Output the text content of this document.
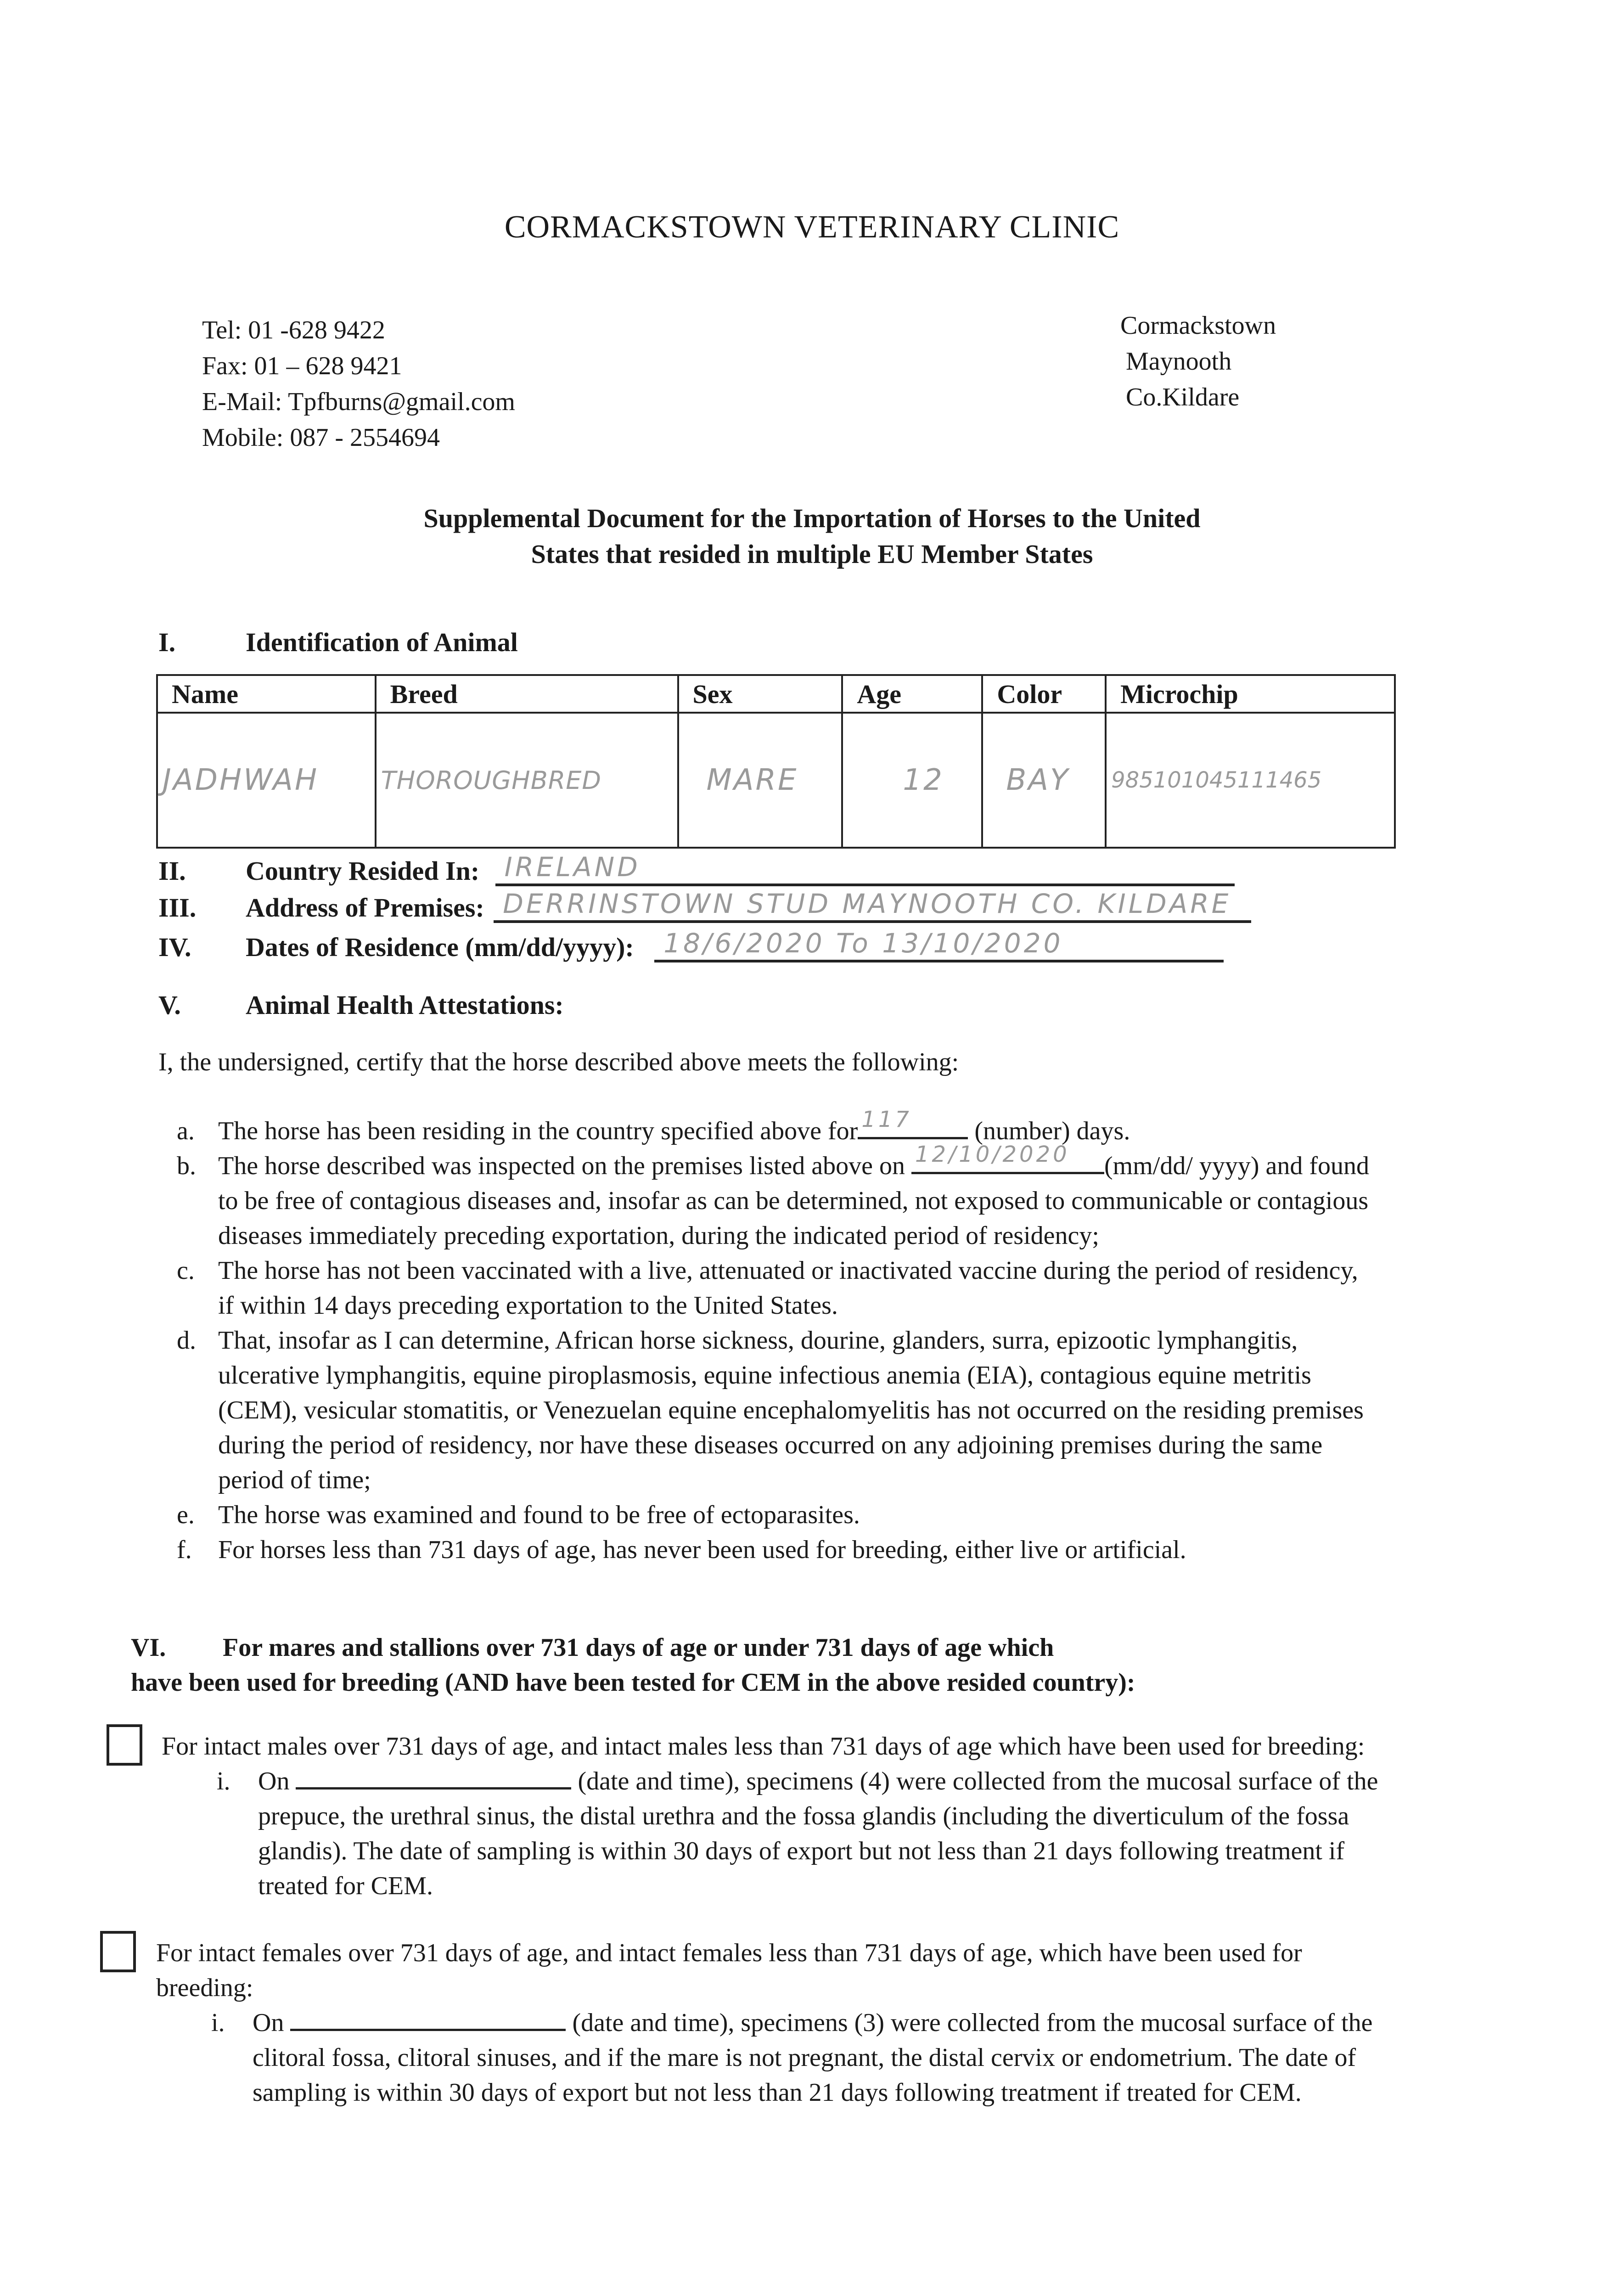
CORMACKSTOWN VETERINARY CLINIC
Tel: 01 -628 9422
Fax: 01 – 628 9421
E-Mail: Tpfburns@gmail.com
Mobile: 087 - 2554694
Cormackstown
Maynooth
Co.Kildare
Supplemental Document for the Importation of Horses to the United
States that resided in multiple EU Member States
I.	Identification of Animal
Name	Breed	Sex	Age	Color	Microchip
JADHWAH	THOROUGHBRED	MARE	12	BAY	985101045111465
II. Country Resided In: IRELAND
III. Address of Premises: DERRINSTOWN STUD MAYNOOTH CO. KILDARE
IV. Dates of Residence (mm/dd/yyyy): 18/6/2020 To 13/10/2020
V. Animal Health Attestations:
I, the undersigned, certify that the horse described above meets the following:
a. The horse has been residing in the country specified above for 117 (number) days.
b. The horse described was inspected on the premises listed above on 12/10/2020 (mm/dd/ yyyy) and found to be free of contagious diseases and, insofar as can be determined, not exposed to communicable or contagious diseases immediately preceding exportation, during the indicated period of residency;
c. The horse has not been vaccinated with a live, attenuated or inactivated vaccine during the period of residency, if within 14 days preceding exportation to the United States.
d. That, insofar as I can determine, African horse sickness, dourine, glanders, surra, epizootic lymphangitis, ulcerative lymphangitis, equine piroplasmosis, equine infectious anemia (EIA), contagious equine metritis (CEM), vesicular stomatitis, or Venezuelan equine encephalomyelitis has not occurred on the residing premises during the period of residency, nor have these diseases occurred on any adjoining premises during the same period of time;
e. The horse was examined and found to be free of ectoparasites.
f. For horses less than 731 days of age, has never been used for breeding, either live or artificial.
VI. For mares and stallions over 731 days of age or under 731 days of age which
have been used for breeding (AND have been tested for CEM in the above resided country):
For intact males over 731 days of age, and intact males less than 731 days of age which have been used for breeding:
i. On	(date and time), specimens (4) were collected from the mucosal surface of the prepuce, the urethral sinus, the distal urethra and the fossa glandis (including the diverticulum of the fossa glandis). The date of sampling is within 30 days of export but not less than 21 days following treatment if treated for CEM.
For intact females over 731 days of age, and intact females less than 731 days of age, which have been used for breeding:
i. On	(date and time), specimens (3) were collected from the mucosal surface of the clitoral fossa, clitoral sinuses, and if the mare is not pregnant, the distal cervix or endometrium. The date of sampling is within 30 days of export but not less than 21 days following treatment if treated for CEM.
